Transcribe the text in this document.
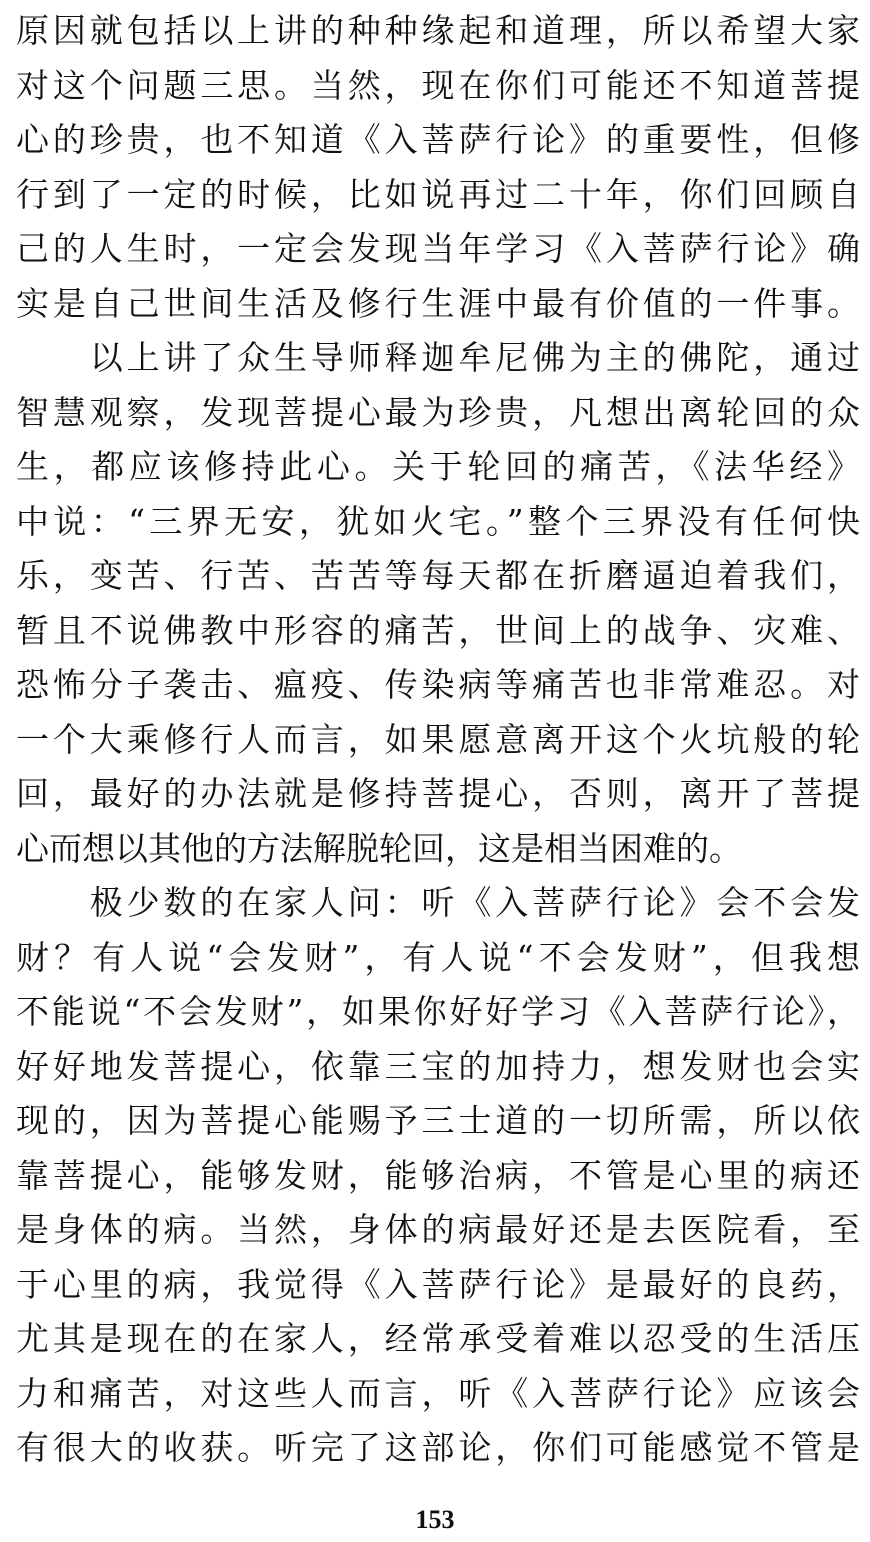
原因就包括以上讲的种种缘起和道理，所以希望大家
对这个问题三思。当然，现在你们可能还不知道菩提
心的珍贵，也不知道《入菩萨行论》的重要性，但修
行到了一定的时候，比如说再过二十年，你们回顾自
己的人生时，一定会发现当年学习《入菩萨行论》确
实是自己世间生活及修行生涯中最有价值的一件事。
　　以上讲了众生导师释迦牟尼佛为主的佛陀，通过
智慧观察，发现菩提心最为珍贵，凡想出离轮回的众
生，都应该修持此心。关于轮回的痛苦，《法华经》
中说：“三界无安，犹如火宅。”整个三界没有任何快
乐，变苦、行苦、苦苦等每天都在折磨逼迫着我们，
暂且不说佛教中形容的痛苦，世间上的战争、灾难、
恐怖分子袭击、瘟疫、传染病等痛苦也非常难忍。对
一个大乘修行人而言，如果愿意离开这个火坑般的轮
回，最好的办法就是修持菩提心，否则，离开了菩提
心而想以其他的方法解脱轮回，这是相当困难的。
　　极少数的在家人问：听《入菩萨行论》会不会发
财？有人说“会发财”，有人说“不会发财”，但我想
不能说“不会发财”，如果你好好学习《入菩萨行论》，
好好地发菩提心，依靠三宝的加持力，想发财也会实
现的，因为菩提心能赐予三士道的一切所需，所以依
靠菩提心，能够发财，能够治病，不管是心里的病还
是身体的病。当然，身体的病最好还是去医院看，至
于心里的病，我觉得《入菩萨行论》是最好的良药，
尤其是现在的在家人，经常承受着难以忍受的生活压
力和痛苦，对这些人而言，听《入菩萨行论》应该会
有很大的收获。听完了这部论，你们可能感觉不管是
153
